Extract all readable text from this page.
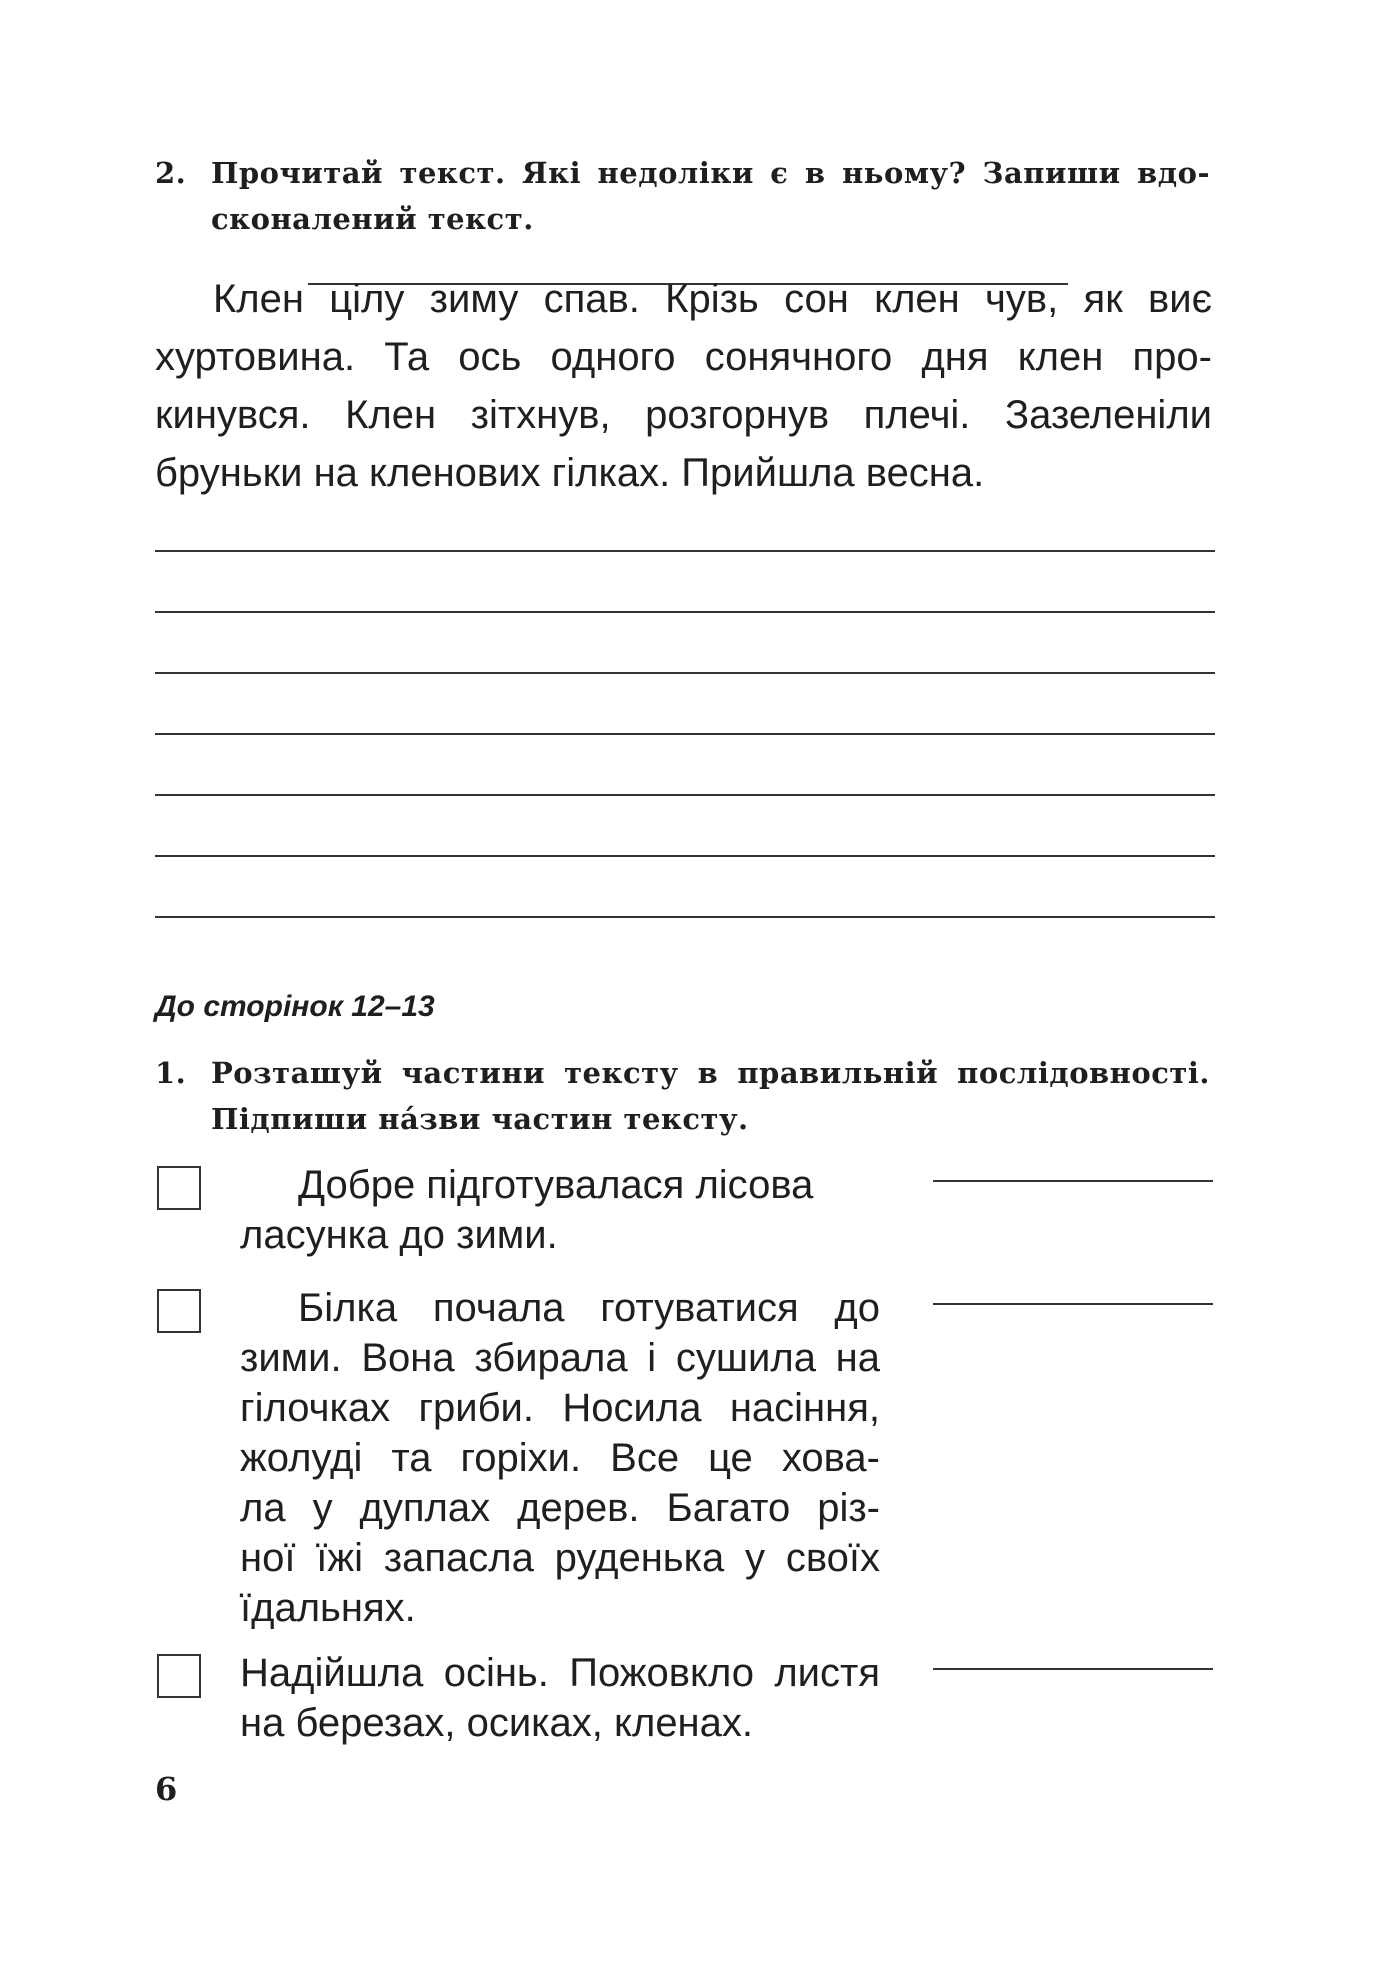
2. Прочитай текст. Які недоліки є в ньому? Запиши вдо-
сконалений текст.
Клен цілу зиму спав. Крізь сон клен чув, як виє
хуртовина. Та ось одного сонячного дня клен про-
кинувся. Клен зітхнув, розгорнув плечі. Зазеленіли
бруньки на кленових гілках. Прийшла весна.
До сторінок 12–13
1. Розташуй частини тексту в правильній послідовності.
Підпиши на́зви частин тексту.
Добре підготувалася лісова
ласунка до зими.
Білка почала готуватися до
зими. Вона збирала і сушила на
гілочках гриби. Носила насіння,
жолуді та горіхи. Все це хова-
ла у дуплах дерев. Багато різ-
ної їжі запасла руденька у своїх
їдальнях.
Надійшла осінь. Пожовкло листя
на березах, осиках, кленах.
6
